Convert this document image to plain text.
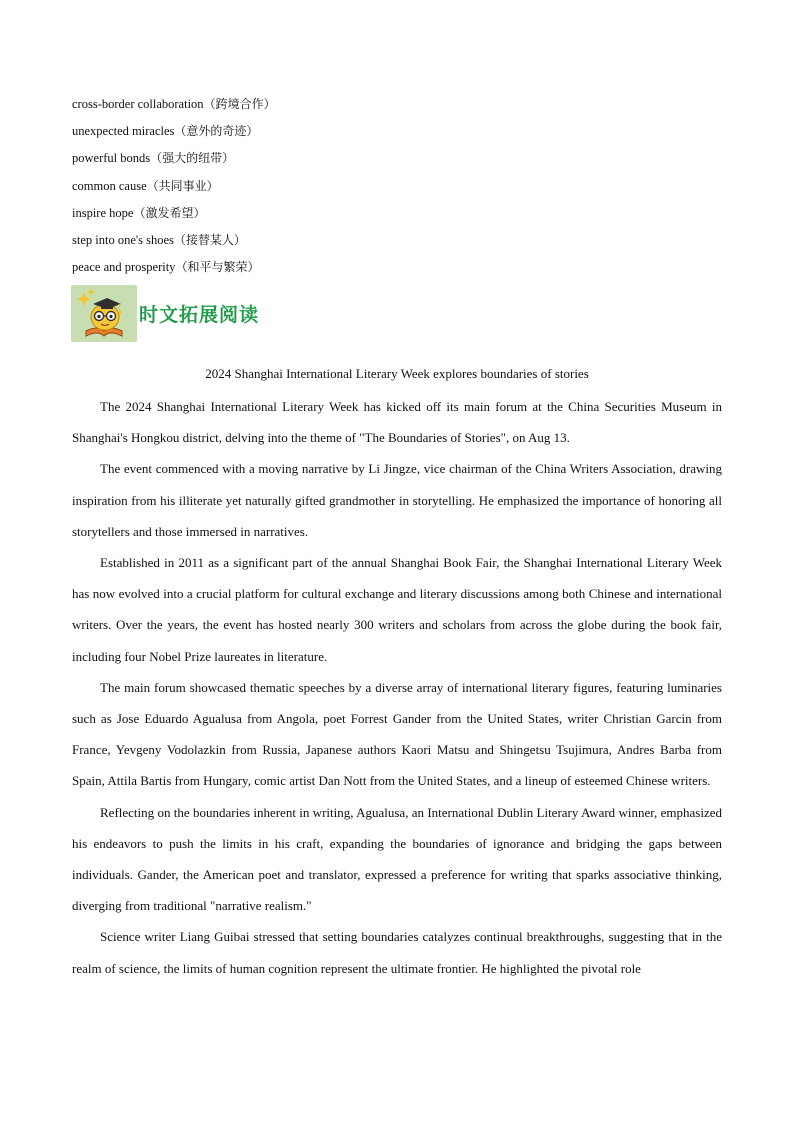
cross-border collaboration（跨境合作）
unexpected miracles（意外的奇迹）
powerful bonds（强大的纽带）
common cause（共同事业）
inspire hope（激发希望）
step into one's shoes（接替某人）
peace and prosperity（和平与繁荣）
时文拓展阅读

2024 Shanghai International Literary Week explores boundaries of stories

The 2024 Shanghai International Literary Week has kicked off its main forum at the China Securities Museum in Shanghai's Hongkou district, delving into the theme of "The Boundaries of Stories", on Aug 13.

The event commenced with a moving narrative by Li Jingze, vice chairman of the China Writers Association, drawing inspiration from his illiterate yet naturally gifted grandmother in storytelling. He emphasized the importance of honoring all storytellers and those immersed in narratives.

Established in 2011 as a significant part of the annual Shanghai Book Fair, the Shanghai International Literary Week has now evolved into a crucial platform for cultural exchange and literary discussions among both Chinese and international writers. Over the years, the event has hosted nearly 300 writers and scholars from across the globe during the book fair, including four Nobel Prize laureates in literature.

The main forum showcased thematic speeches by a diverse array of international literary figures, featuring luminaries such as Jose Eduardo Agualusa from Angola, poet Forrest Gander from the United States, writer Christian Garcin from France, Yevgeny Vodolazkin from Russia, Japanese authors Kaori Matsu and Shingetsu Tsujimura, Andres Barba from Spain, Attila Bartis from Hungary, comic artist Dan Nott from the United States, and a lineup of esteemed Chinese writers.

Reflecting on the boundaries inherent in writing, Agualusa, an International Dublin Literary Award winner, emphasized his endeavors to push the limits in his craft, expanding the boundaries of ignorance and bridging the gaps between individuals. Gander, the American poet and translator, expressed a preference for writing that sparks associative thinking, diverging from traditional "narrative realism."

Science writer Liang Guibai stressed that setting boundaries catalyzes continual breakthroughs, suggesting that in the realm of science, the limits of human cognition represent the ultimate frontier. He highlighted the pivotal role
